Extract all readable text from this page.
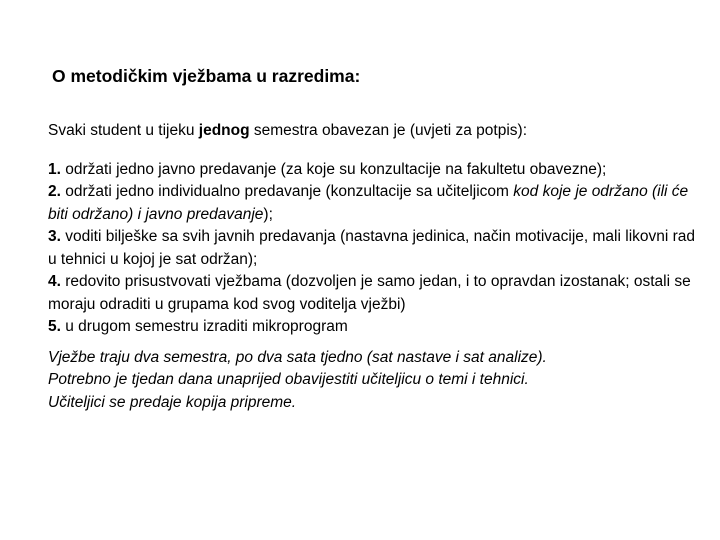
O metodičkim vježbama u razredima:

Svaki student u tijeku jednog semestra obavezan je (uvjeti za potpis):

1. održati jedno javno predavanje (za koje su konzultacije na fakultetu obavezne);
2. održati jedno individualno predavanje (konzultacije sa učiteljicom kod koje je održano (ili će biti održano) i javno predavanje);
3. voditi bilješke sa svih javnih predavanja (nastavna jedinica, način motivacije, mali likovni rad u tehnici u kojoj je sat održan);
4. redovito prisustvovati vježbama (dozvoljen je samo jedan, i to opravdan izostanak; ostali se moraju odraditi u grupama kod svog voditelja vježbi)
5. u drugom semestru izraditi mikroprogram
Vježbe traju dva semestra, po dva sata tjedno (sat nastave i sat analize).
Potrebno je tjedan dana unaprijed obavijestiti učiteljicu o temi i tehnici.
Učiteljici se predaje kopija pripreme.
